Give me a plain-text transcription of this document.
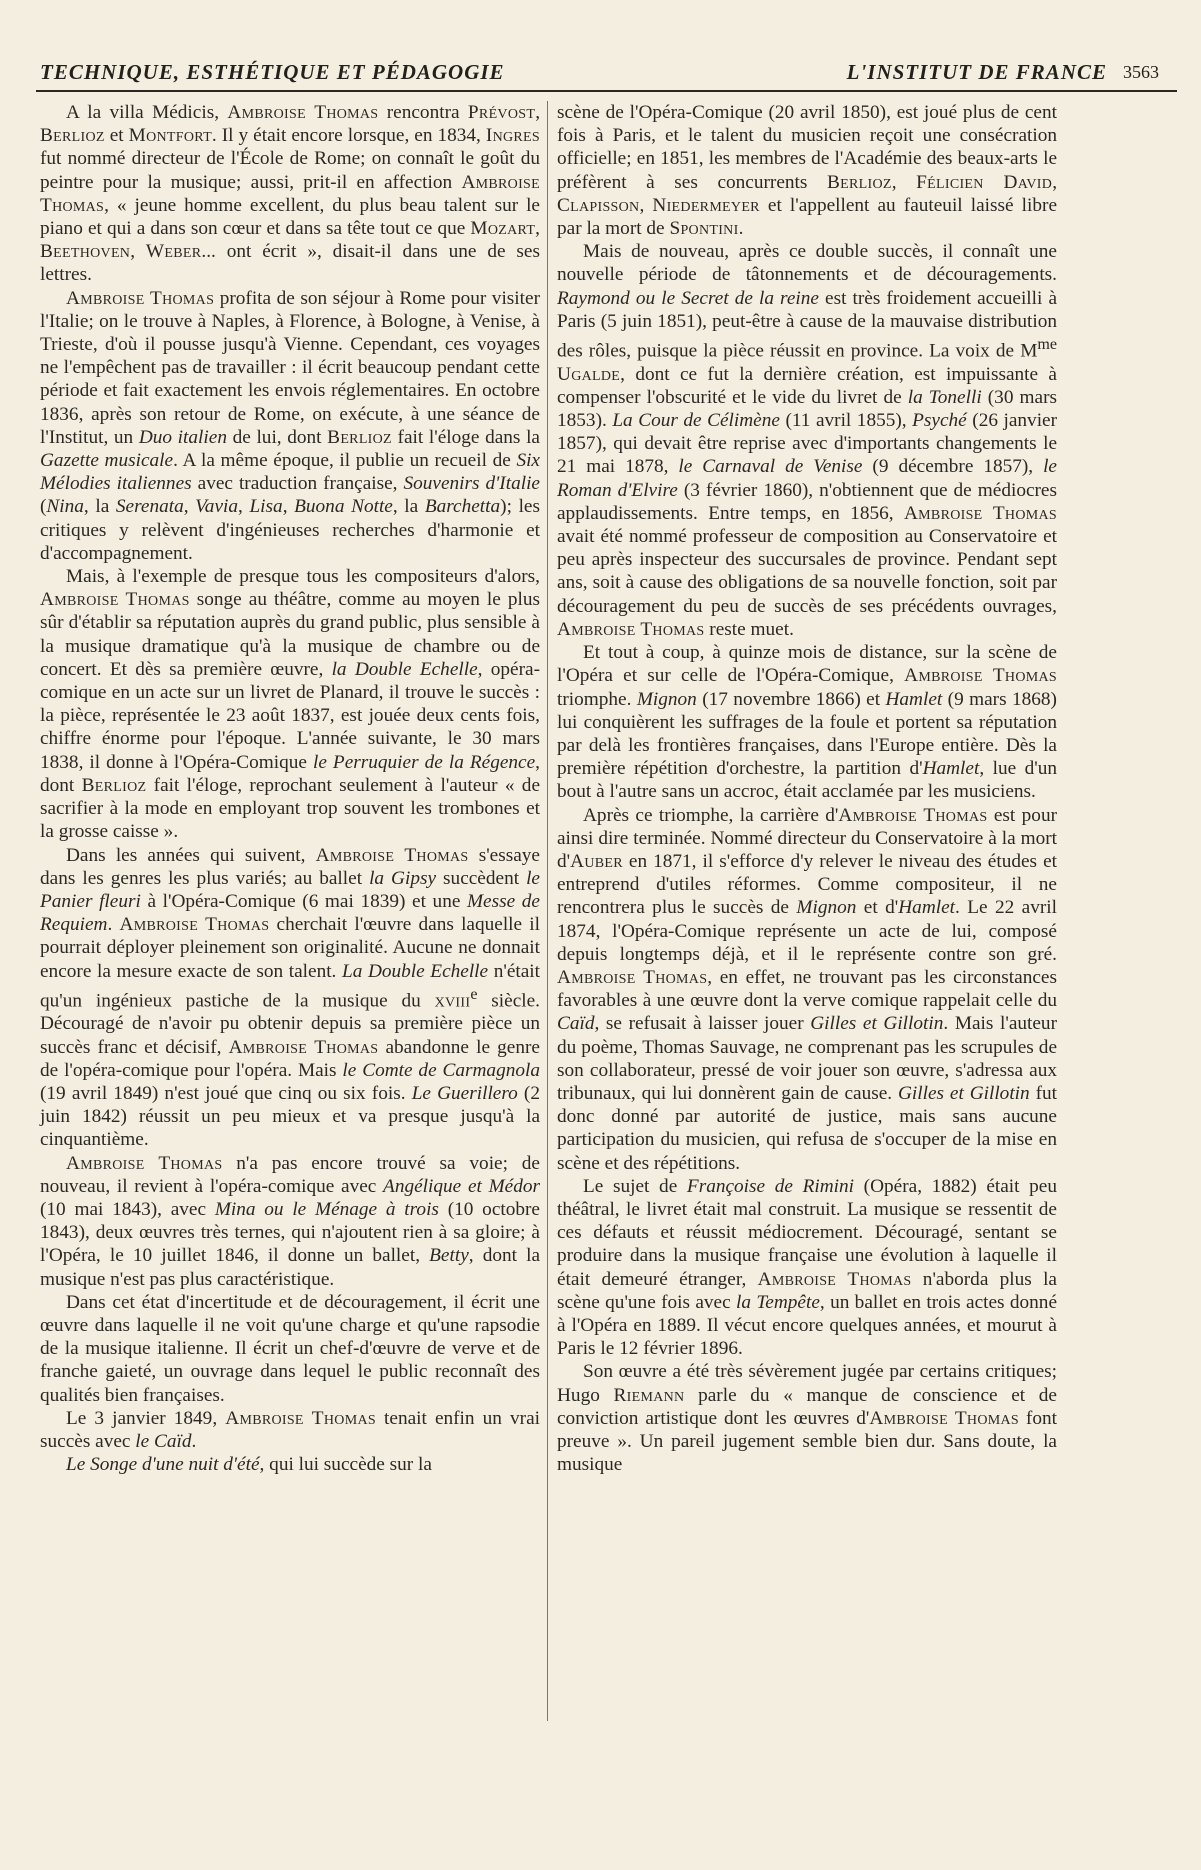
TECHNIQUE, ESTHÉTIQUE ET PÉDAGOGIE	L'INSTITUT DE FRANCE 3563

A la villa Médicis, Ambroise Thomas rencontra Prévost, Berlioz et Montfort. Il y était encore lorsque, en 1834, Ingres fut nommé directeur de l'École de Rome; on connaît le goût du peintre pour la musique; aussi, prit-il en affection Ambroise Thomas, « jeune homme excellent, du plus beau talent sur le piano et qui a dans son cœur et dans sa tête tout ce que Mozart, Beethoven, Weber... ont écrit », disait-il dans une de ses lettres.

Ambroise Thomas profita de son séjour à Rome pour visiter l'Italie; on le trouve à Naples, à Florence, à Bologne, à Venise, à Trieste, d'où il pousse jusqu'à Vienne. Cependant, ces voyages ne l'empêchent pas de travailler : il écrit beaucoup pendant cette période et fait exactement les envois réglementaires. En octobre 1836, après son retour de Rome, on exécute, à une séance de l'Institut, un Duo italien de lui, dont Berlioz fait l'éloge dans la Gazette musicale. A la même époque, il publie un recueil de Six Mélodies italiennes avec traduction française, Souvenirs d'Italie (Nina, la Serenata, Vavia, Lisa, Buona Notte, la Barchetta); les critiques y relèvent d'ingénieuses recherches d'harmonie et d'accompagnement.

Mais, à l'exemple de presque tous les compositeurs d'alors, Ambroise Thomas songe au théâtre, comme au moyen le plus sûr d'établir sa réputation auprès du grand public, plus sensible à la musique dramatique qu'à la musique de chambre ou de concert. Et dès sa première œuvre, la Double Echelle, opéra-comique en un acte sur un livret de Planard, il trouve le succès : la pièce, représentée le 23 août 1837, est jouée deux cents fois, chiffre énorme pour l'époque. L'année suivante, le 30 mars 1838, il donne à l'Opéra-Comique le Perruquier de la Régence, dont Berlioz fait l'éloge, reprochant seulement à l'auteur « de sacrifier à la mode en employant trop souvent les trombones et la grosse caisse ».

Dans les années qui suivent, Ambroise Thomas s'essaye dans les genres les plus variés; au ballet la Gipsy succèdent le Panier fleuri à l'Opéra-Comique (6 mai 1839) et une Messe de Requiem. Ambroise Thomas cherchait l'œuvre dans laquelle il pourrait déployer pleinement son originalité. Aucune ne donnait encore la mesure exacte de son talent. La Double Echelle n'était qu'un ingénieux pastiche de la musique du xviii$^e$ siècle. Découragé de n'avoir pu obtenir depuis sa première pièce un succès franc et décisif, Ambroise Thomas abandonne le genre de l'opéra-comique pour l'opéra. Mais le Comte de Carmagnola (19 avril 1849) n'est joué que cinq ou six fois. Le Guerillero (2 juin 1842) réussit un peu mieux et va presque jusqu'à la cinquantième.

Ambroise Thomas n'a pas encore trouvé sa voie; de nouveau, il revient à l'opéra-comique avec Angélique et Médor (10 mai 1843), avec Mina ou le Ménage à trois (10 octobre 1843), deux œuvres très ternes, qui n'ajoutent rien à sa gloire; à l'Opéra, le 10 juillet 1846, il donne un ballet, Betty, dont la musique n'est pas plus caractéristique.

Dans cet état d'incertitude et de découragement, il écrit une œuvre dans laquelle il ne voit qu'une charge et qu'une rapsodie de la musique italienne. Il écrit un chef-d'œuvre de verve et de franche gaieté, un ouvrage dans lequel le public reconnaît des qualités bien françaises.

Le 3 janvier 1849, Ambroise Thomas tenait enfin un vrai succès avec le Caïd.

Le Songe d'une nuit d'été, qui lui succède sur la

scène de l'Opéra-Comique (20 avril 1850), est joué plus de cent fois à Paris, et le talent du musicien reçoit une consécration officielle; en 1851, les membres de l'Académie des beaux-arts le préfèrent à ses concurrents Berlioz, Félicien David, Clapisson, Niedermeyer et l'appellent au fauteuil laissé libre par la mort de Spontini.

Mais de nouveau, après ce double succès, il connaît une nouvelle période de tâtonnements et de découragements. Raymond ou le Secret de la reine est très froidement accueilli à Paris (5 juin 1851), peut-être à cause de la mauvaise distribution des rôles, puisque la pièce réussit en province. La voix de $M^{me}$ Ugalde, dont ce fut la dernière création, est impuissante à compenser l'obscurité et le vide du livret de la Tonelli (30 mars 1853). La Cour de Célimène (11 avril 1855), Psyché (26 janvier 1857), qui devait être reprise avec d'importants changements le 21 mai 1878, le Carnaval de Venise (9 décembre 1857), le Roman d'Elvire (3 février 1860), n'obtiennent que de médiocres applaudissements. Entre temps, en 1856, Ambroise Thomas avait été nommé professeur de composition au Conservatoire et peu après inspecteur des succursales de province. Pendant sept ans, soit à cause des obligations de sa nouvelle fonction, soit par découragement du peu de succès de ses précédents ouvrages, Ambroise Thomas reste muet.

Et tout à coup, à quinze mois de distance, sur la scène de l'Opéra et sur celle de l'Opéra-Comique, Ambroise Thomas triomphe. Mignon (17 novembre 1866) et Hamlet (9 mars 1868) lui conquièrent les suffrages de la foule et portent sa réputation par delà les frontières françaises, dans l'Europe entière. Dès la première répétition d'orchestre, la partition d'Hamlet, lue d'un bout à l'autre sans un accroc, était acclamée par les musiciens.

Après ce triomphe, la carrière d'Ambroise Thomas est pour ainsi dire terminée. Nommé directeur du Conservatoire à la mort d'Auber en 1871, il s'efforce d'y relever le niveau des études et entreprend d'utiles réformes. Comme compositeur, il ne rencontrera plus le succès de Mignon et d'Hamlet. Le 22 avril 1874, l'Opéra-Comique représente un acte de lui, composé depuis longtemps déjà, et il le représente contre son gré. Ambroise Thomas, en effet, ne trouvant pas les circonstances favorables à une œuvre dont la verve comique rappelait celle du Caïd, se refusait à laisser jouer Gilles et Gillotin. Mais l'auteur du poème, Thomas Sauvage, ne comprenant pas les scrupules de son collaborateur, pressé de voir jouer son œuvre, s'adressa aux tribunaux, qui lui donnèrent gain de cause. Gilles et Gillotin fut donc donné par autorité de justice, mais sans aucune participation du musicien, qui refusa de s'occuper de la mise en scène et des répétitions.

Le sujet de Françoise de Rimini (Opéra, 1882) était peu théâtral, le livret était mal construit. La musique se ressentit de ces défauts et réussit médiocrement. Découragé, sentant se produire dans la musique française une évolution à laquelle il était demeuré étranger, Ambroise Thomas n'aborda plus la scène qu'une fois avec la Tempête, un ballet en trois actes donné à l'Opéra en 1889. Il vécut encore quelques années, et mourut à Paris le 12 février 1896.

Son œuvre a été très sévèrement jugée par certains critiques; Hugo Riemann parle du « manque de conscience et de conviction artistique dont les œuvres d'Ambroise Thomas font preuve ». Un pareil jugement semble bien dur. Sans doute, la musique
